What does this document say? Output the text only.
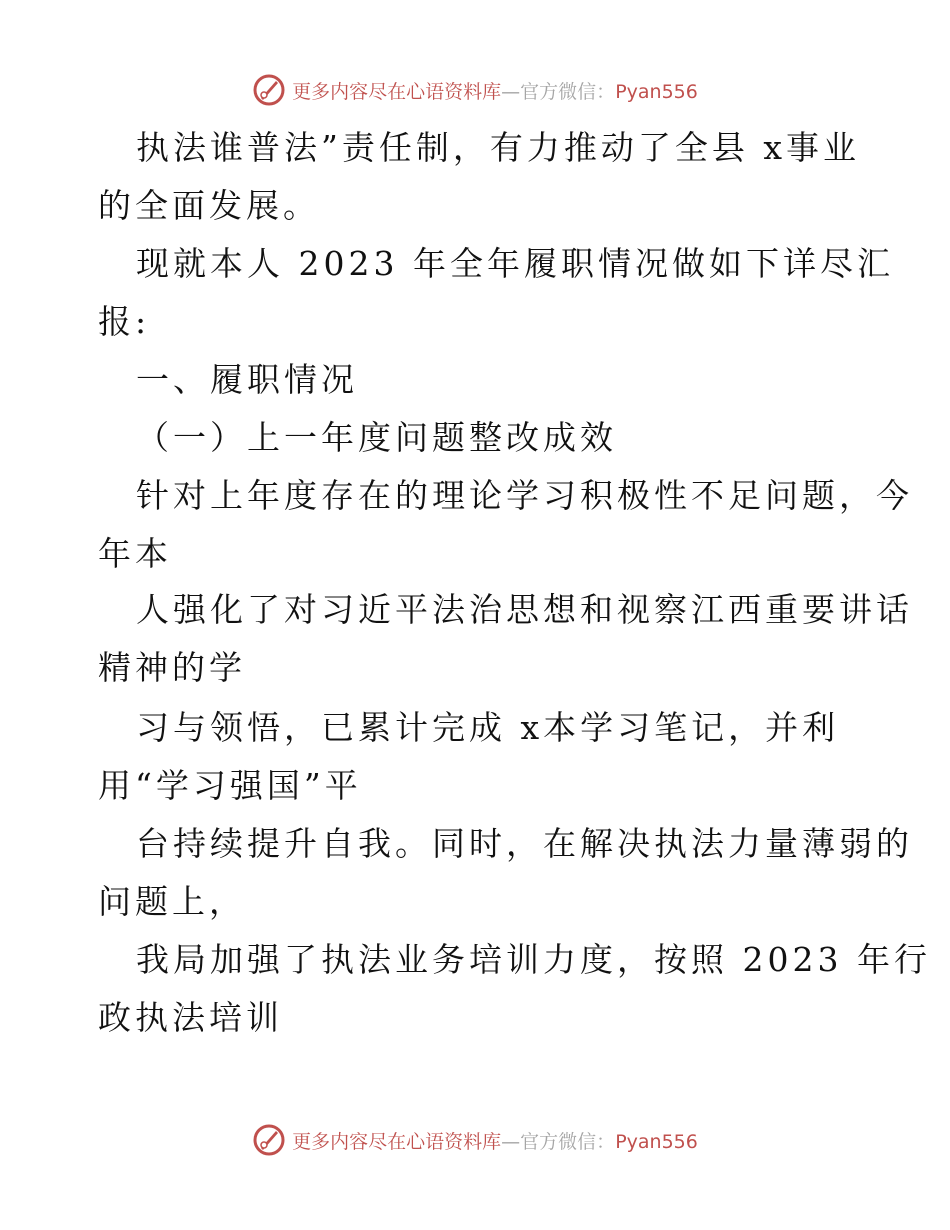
更多内容尽在心语资料库—官方微信：Pyan556
执法谁普法”责任制，有力推动了全县 x事业
的全面发展。
现就本人 2023 年全年履职情况做如下详尽汇
报:
一、履职情况
（一）上一年度问题整改成效
针对上年度存在的理论学习积极性不足问题，今
年本
人强化了对习近平法治思想和视察江西重要讲话
精神的学
习与领悟，已累计完成 x本学习笔记，并利
用“学习强国”平
台持续提升自我。同时，在解决执法力量薄弱的
问题上，
我局加强了执法业务培训力度，按照 2023 年行
政执法培训
更多内容尽在心语资料库—官方微信：Pyan556
